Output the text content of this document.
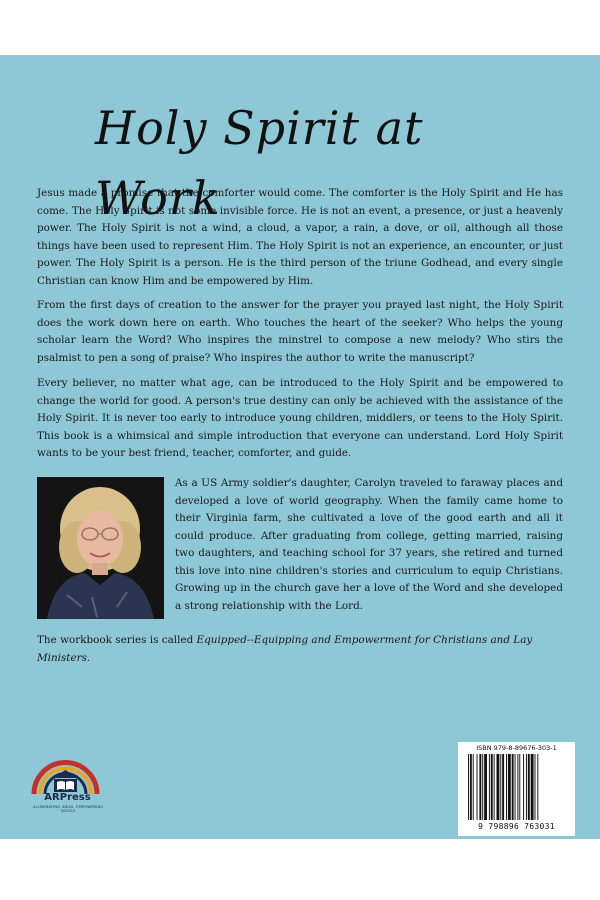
Holy Spirit at Work

Jesus made a promise that the comforter would come. The comforter is the Holy Spirit and He has come. The Holy Spirit is not some invisible force. He is not an event, a presence, or just a heavenly power. The Holy Spirit is not a wind, a cloud, a vapor, a rain, a dove, or oil, although all those things have been used to represent Him. The Holy Spirit is not an experience, an encounter, or just power. The Holy Spirit is a person. He is the third person of the triune Godhead, and every single Christian can know Him and be empowered by Him.

From the first days of creation to the answer for the prayer you prayed last night, the Holy Spirit does the work down here on earth. Who touches the heart of the seeker? Who helps the young scholar learn the Word? Who inspires the minstrel to compose a new melody? Who stirs the psalmist to pen a song of praise? Who inspires the author to write the manuscript?

Every believer, no matter what age, can be introduced to the Holy Spirit and be empowered to change the world for good. A person's true destiny can only be achieved with the assistance of the Holy Spirit. It is never too early to introduce young children, middlers, or teens to the Holy Spirit. This book is a whimsical and simple introduction that everyone can understand. Lord Holy Spirit wants to be your best friend, teacher, comforter, and guide.

As a US Army soldier's daughter, Carolyn traveled to faraway places and developed a love of world geography. When the family came home to their Virginia farm, she cultivated a love of the good earth and all it could produce. After graduating from college, getting married, raising two daughters, and teaching school for 37 years, she retired and turned this love into nine children's stories and curriculum to equip Christians. Growing up in the church gave her a love of the Word and she developed a strong relationship with the Lord.

The workbook series is called Equipped--Equipping and Empowerment for Christians and Lay Ministers.

ARPress
ILLUMINATING IDEAS. EMPOWERING VOICES
ISBN 979-8-89676-303-1
9 798896 763031
